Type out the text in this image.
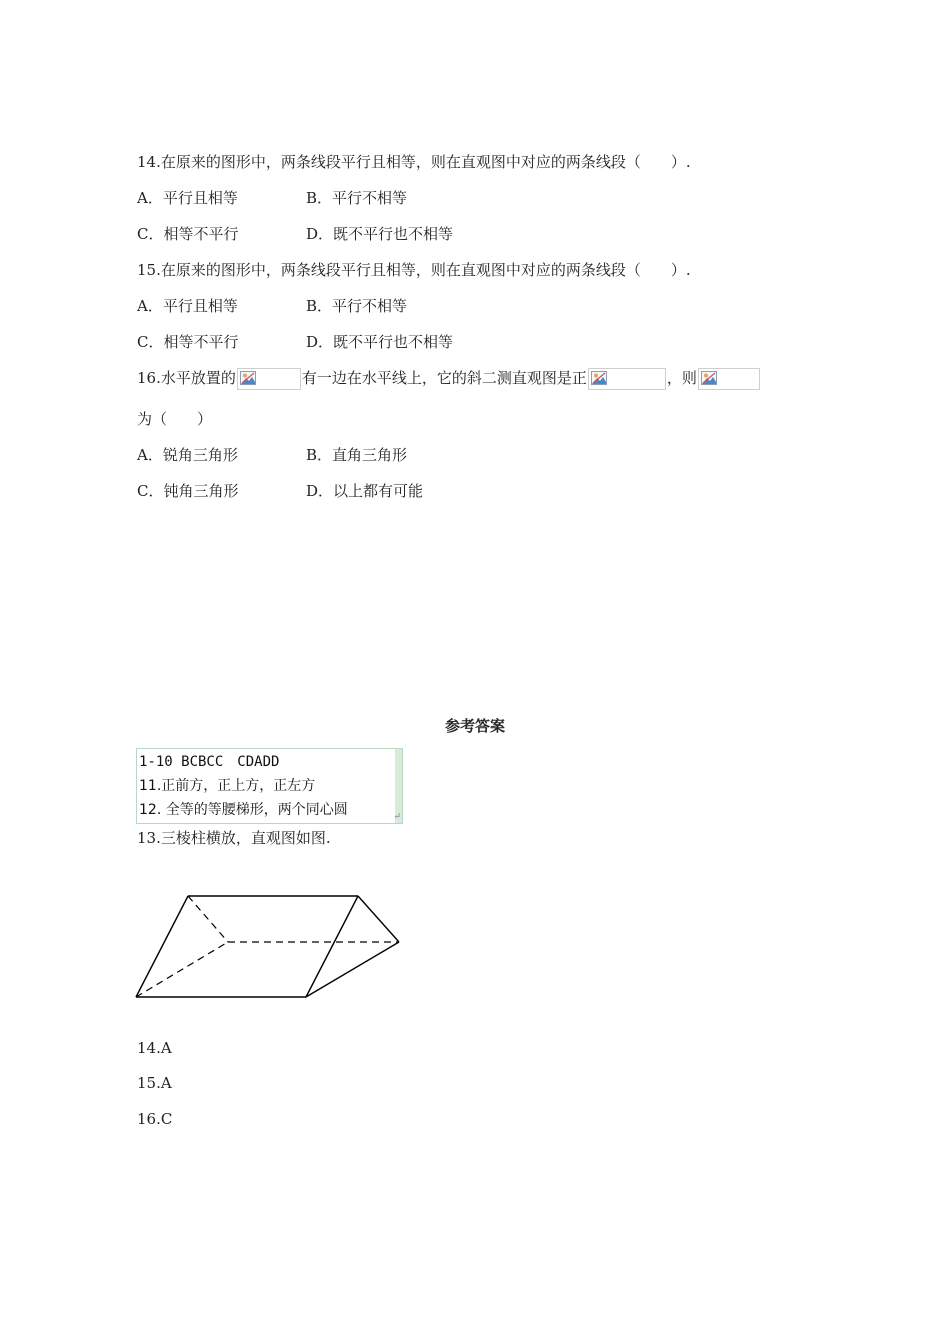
14.在原来的图形中，两条线段平行且相等，则在直观图中对应的两条线段（　　）.
A．平行且相等	B．平行不相等
C．相等不平行	D．既不平行也不相等
15.在原来的图形中，两条线段平行且相等，则在直观图中对应的两条线段（　　）.
A．平行且相等	B．平行不相等
C．相等不平行	D．既不平行也不相等
16.水平放置的	有一边在水平线上，它的斜二测直观图是正	，则
为（　　）
A．锐角三角形	B．直角三角形
C．钝角三角形	D．以上都有可能
参考答案
1-10 BCBCC　CDADD
11.正前方，正上方，正左方
12. 全等的等腰梯形，两个同心圆	↵
13.三棱柱横放，直观图如图.
14.A
15.A
16.C
